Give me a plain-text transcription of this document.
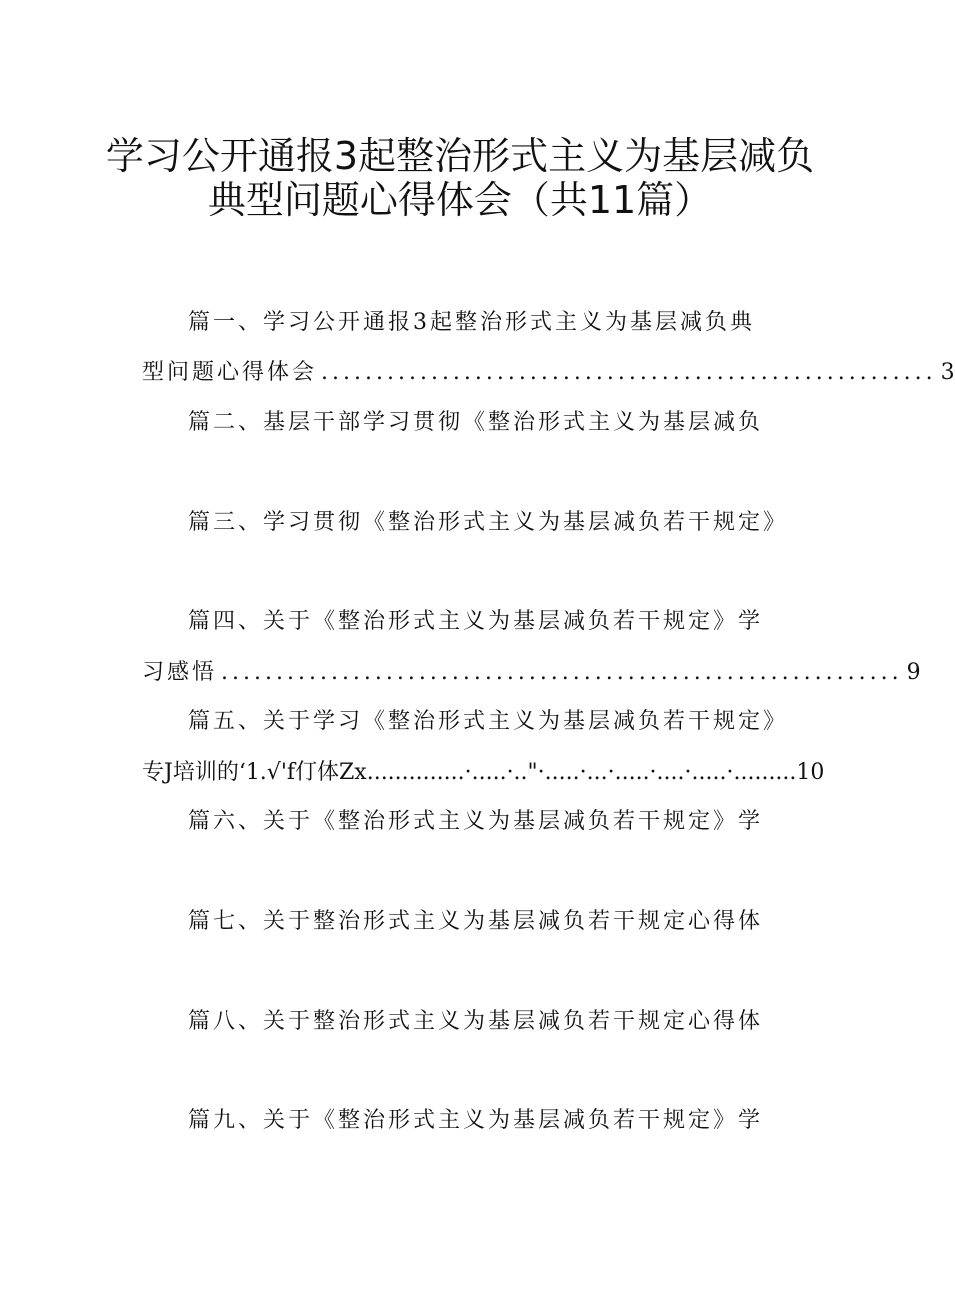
学习公开通报3起整治形式主义为基层减负
典型问题心得体会（共11篇）
篇一、学习公开通报3起整治形式主义为基层减负典
型问题心得体会 ........................................................ 3
篇二、基层干部学习贯彻《整治形式主义为基层减负
篇三、学习贯彻《整治形式主义为基层减负若干规定》
篇四、关于《整治形式主义为基层减负若干规定》学
习感悟 .............................................................. 9
篇五、关于学习《整治形式主义为基层减负若干规定》
专J培训的‘1.√'f仃体Zx..............·.....·.."·.....·...·.....·....·.....·.........10
篇六、关于《整治形式主义为基层减负若干规定》学
篇七、关于整治形式主义为基层减负若干规定心得体
篇八、关于整治形式主义为基层减负若干规定心得体
篇九、关于《整治形式主义为基层减负若干规定》学
